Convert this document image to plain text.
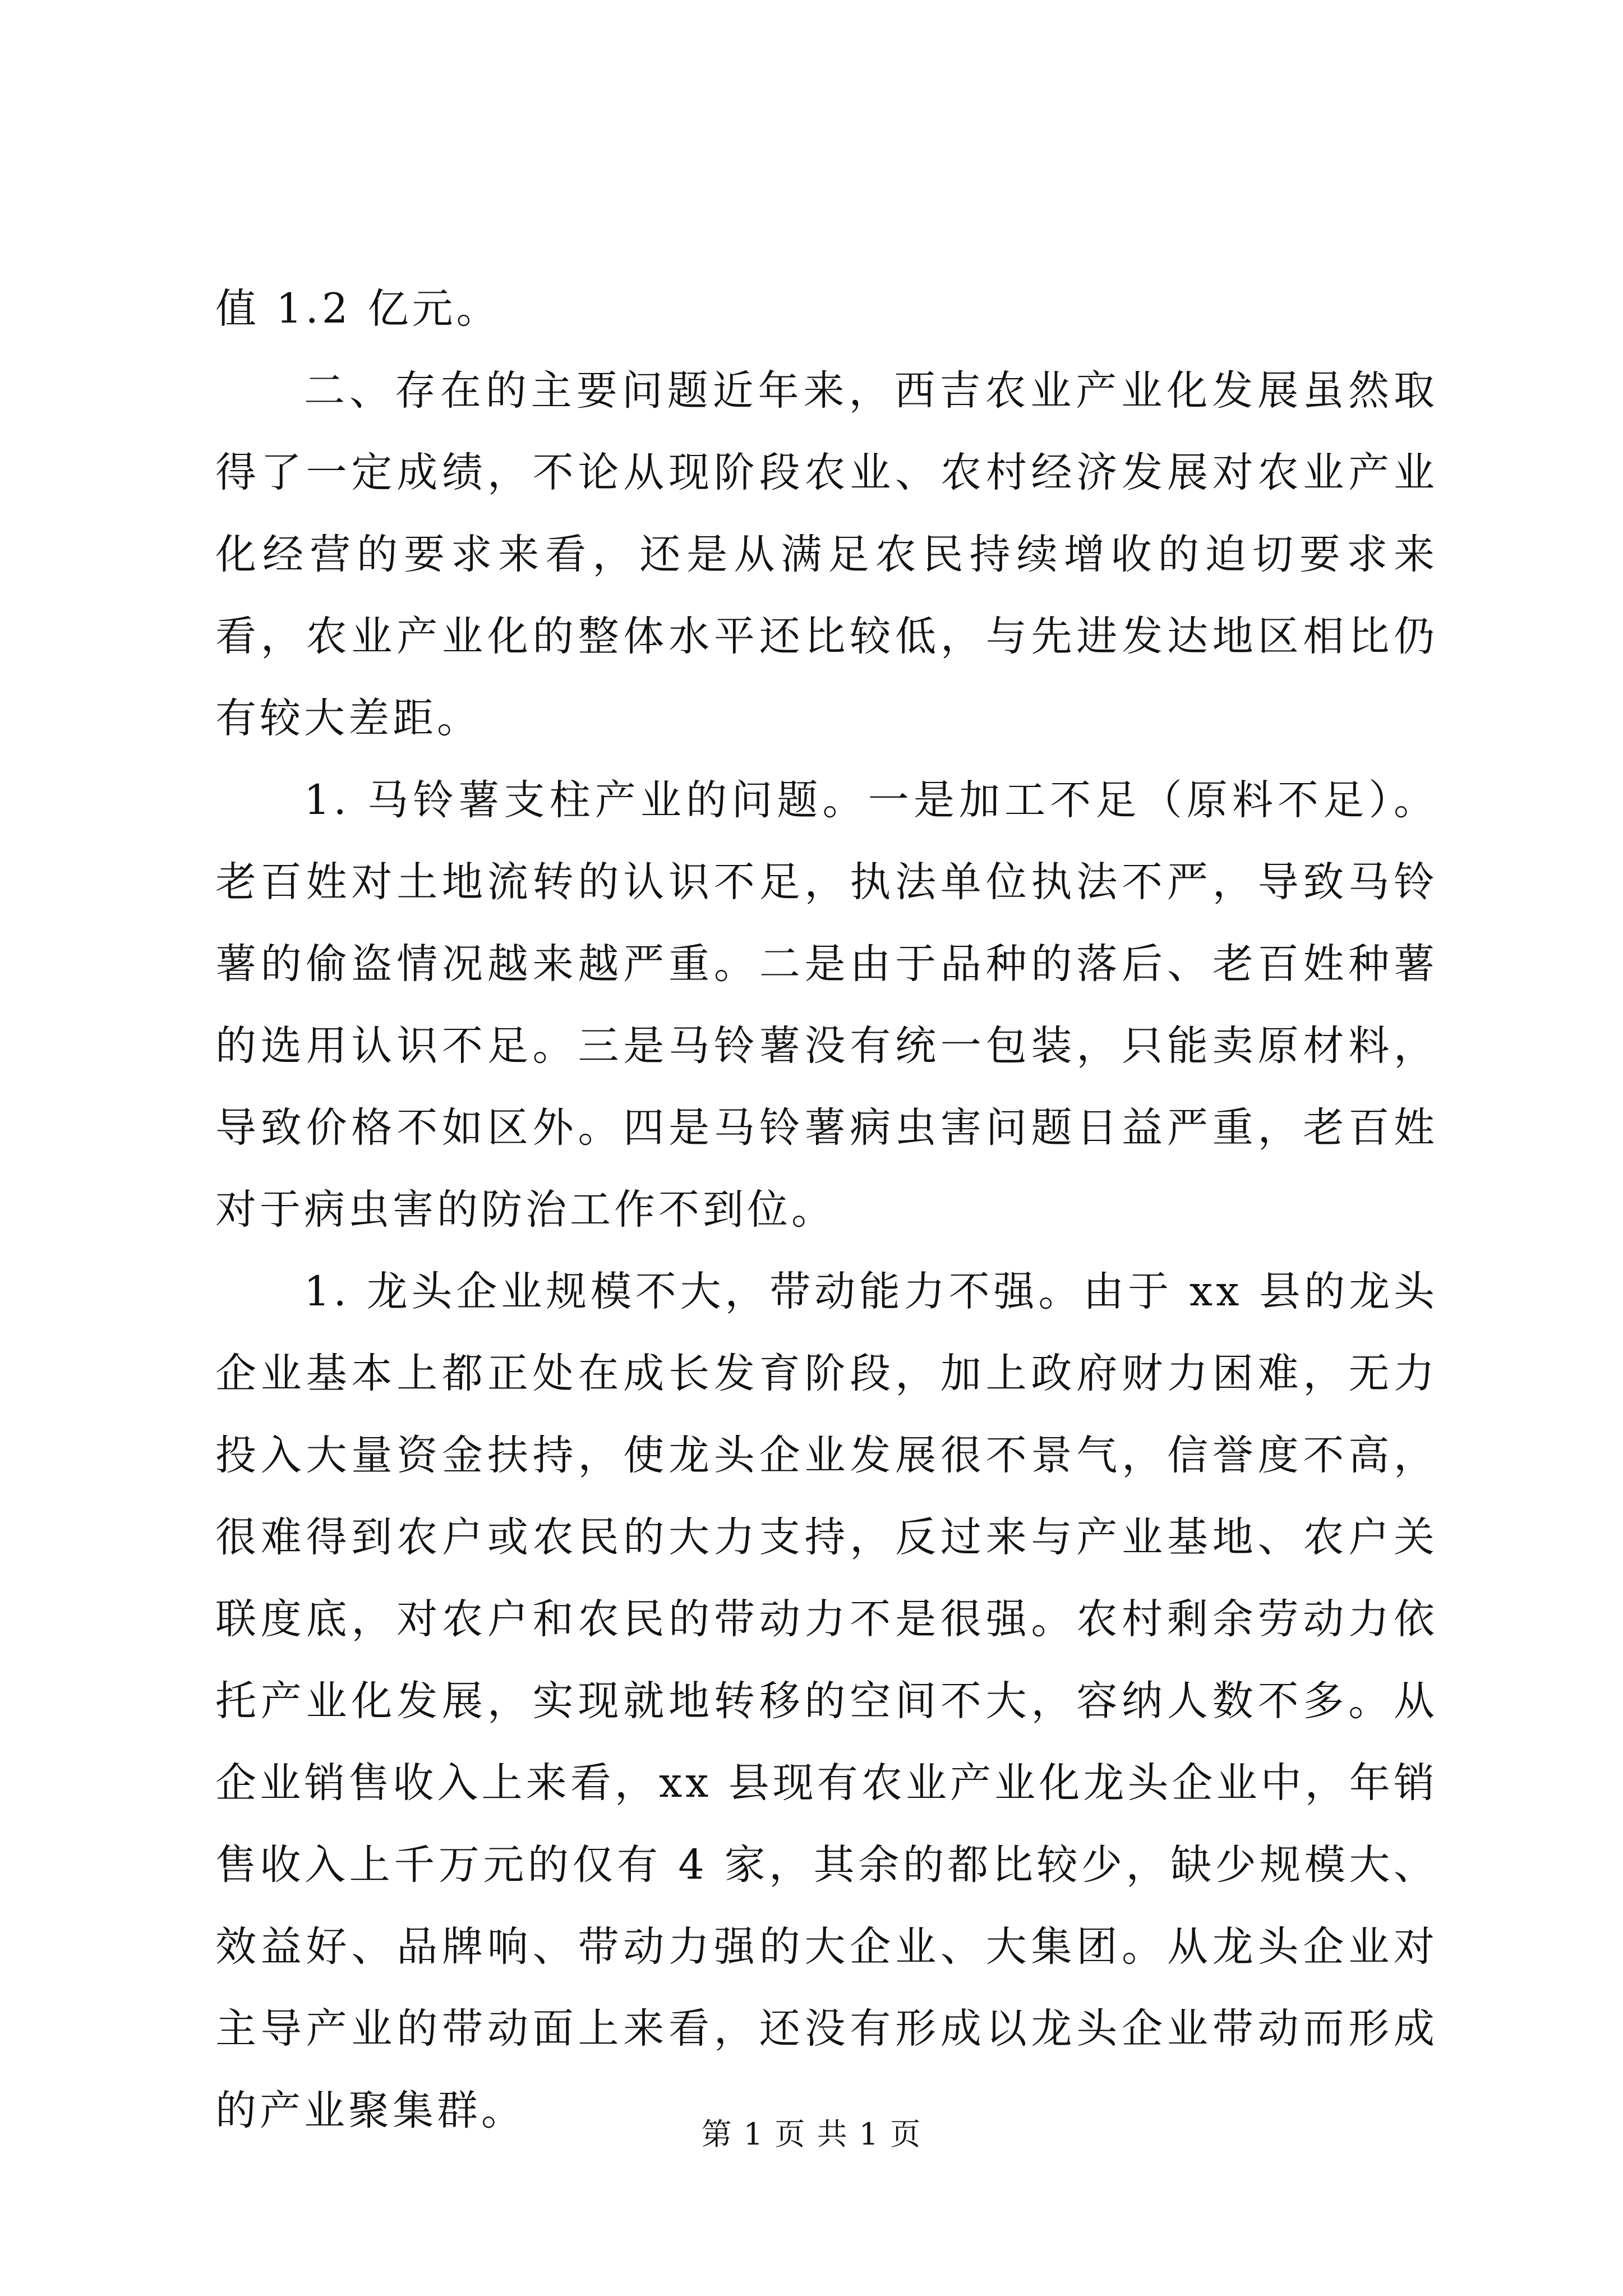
值 1.2 亿元。

二、存在的主要问题近年来，西吉农业产业化发展虽然取得了一定成绩，不论从现阶段农业、农村经济发展对农业产业化经营的要求来看，还是从满足农民持续增收的迫切要求来看，农业产业化的整体水平还比较低，与先进发达地区相比仍有较大差距。

1. 马铃薯支柱产业的问题。一是加工不足（原料不足）。老百姓对土地流转的认识不足，执法单位执法不严，导致马铃薯的偷盗情况越来越严重。二是由于品种的落后、老百姓种薯的选用认识不足。三是马铃薯没有统一包装，只能卖原材料，导致价格不如区外。四是马铃薯病虫害问题日益严重，老百姓对于病虫害的防治工作不到位。

1. 龙头企业规模不大，带动能力不强。由于 xx 县的龙头企业基本上都正处在成长发育阶段，加上政府财力困难，无力投入大量资金扶持，使龙头企业发展很不景气，信誉度不高，很难得到农户或农民的大力支持，反过来与产业基地、农户关联度底，对农户和农民的带动力不是很强。农村剩余劳动力依托产业化发展，实现就地转移的空间不大，容纳人数不多。从企业销售收入上来看，xx 县现有农业产业化龙头企业中，年销售收入上千万元的仅有 4 家，其余的都比较少，缺少规模大、效益好、品牌响、带动力强的大企业、大集团。从龙头企业对主导产业的带动面上来看，还没有形成以龙头企业带动而形成的产业聚集群。	第 1 页 共 1 页
